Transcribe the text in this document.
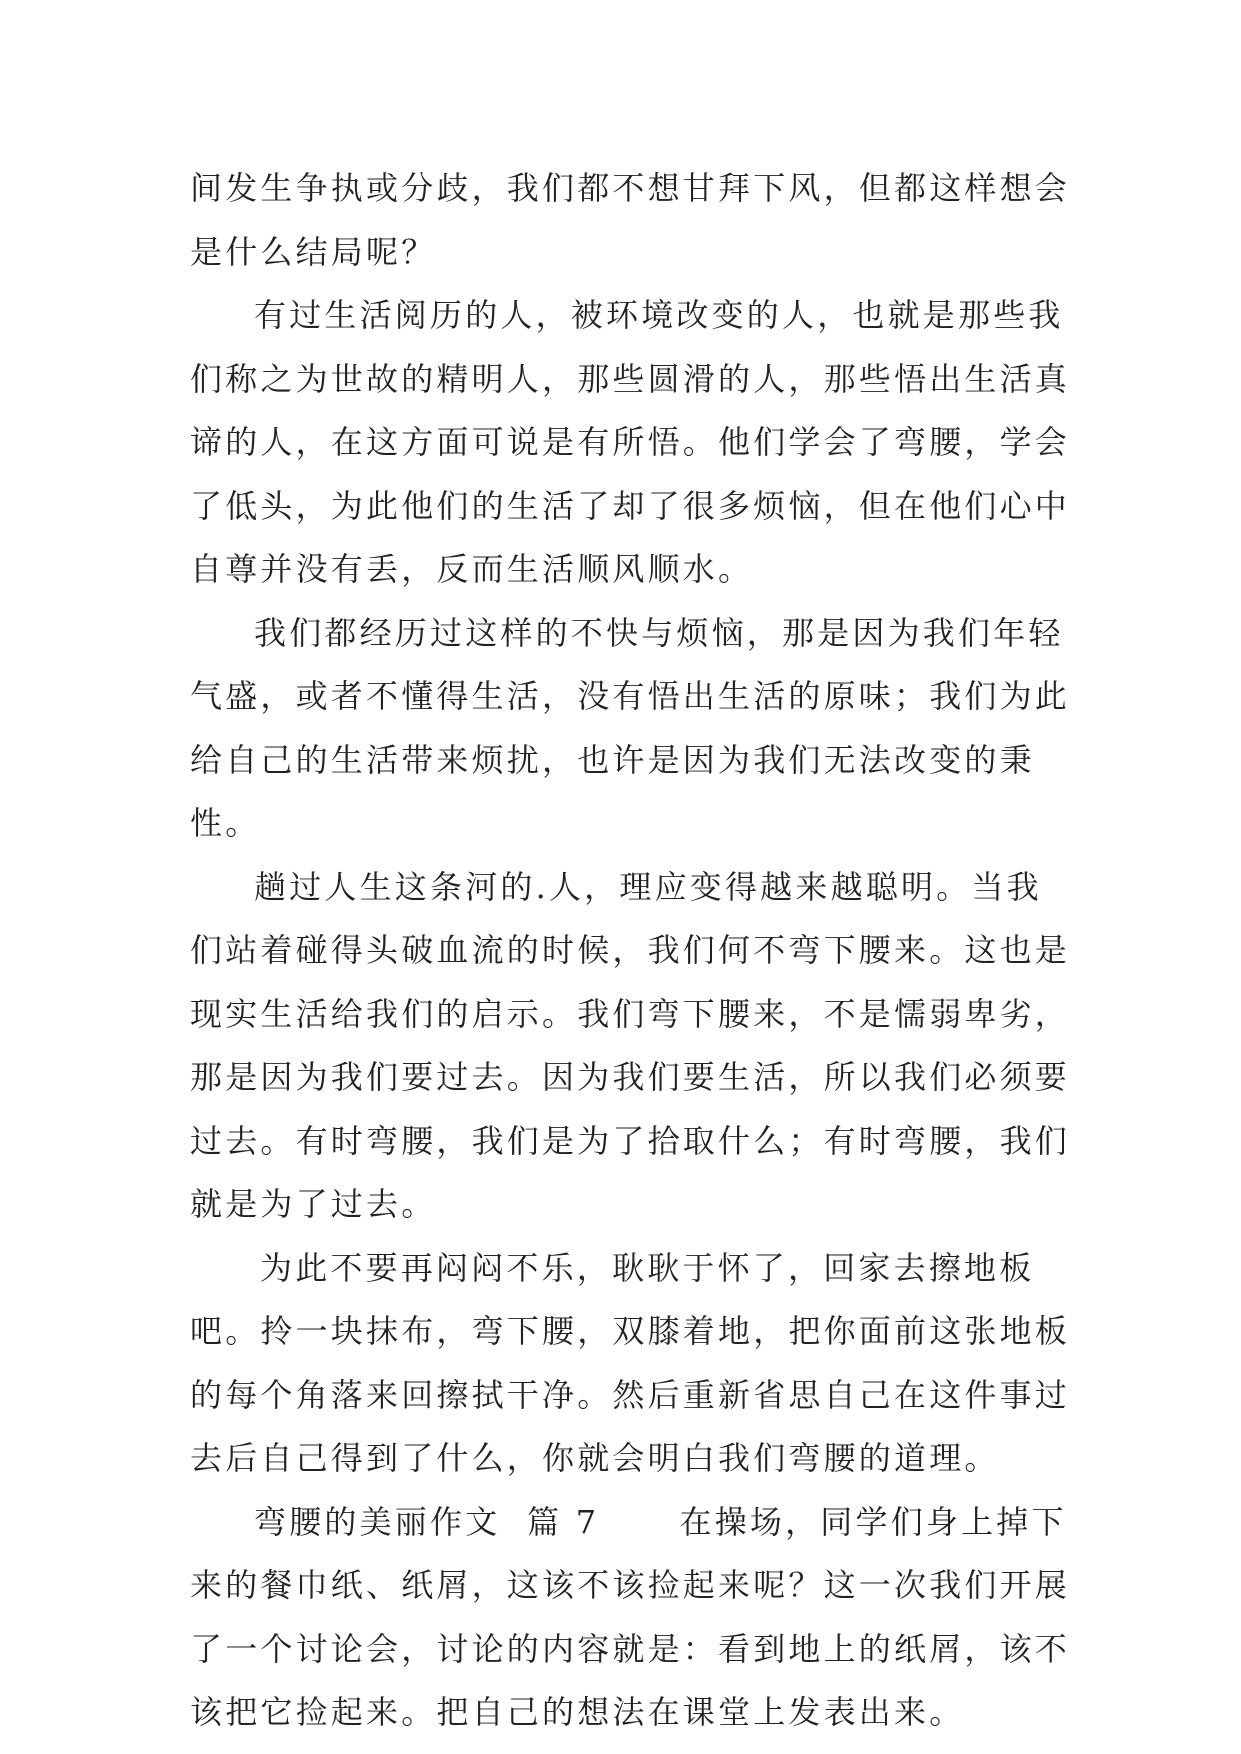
间发生争执或分歧，我们都不想甘拜下风，但都这样想会是什么结局呢？

有过生活阅历的人，被环境改变的人，也就是那些我们称之为世故的精明人，那些圆滑的人，那些悟出生活真谛的人，在这方面可说是有所悟。他们学会了弯腰，学会了低头，为此他们的生活了却了很多烦恼，但在他们心中自尊并没有丢，反而生活顺风顺水。

我们都经历过这样的不快与烦恼，那是因为我们年轻气盛，或者不懂得生活，没有悟出生活的原味；我们为此给自己的生活带来烦扰，也许是因为我们无法改变的秉性。

趟过人生这条河的.人，理应变得越来越聪明。当我们站着碰得头破血流的时候，我们何不弯下腰来。这也是现实生活给我们的启示。我们弯下腰来，不是懦弱卑劣，那是因为我们要过去。因为我们要生活，所以我们必须要过去。有时弯腰，我们是为了拾取什么；有时弯腰，我们就是为了过去。

为此不要再闷闷不乐，耿耿于怀了，回家去擦地板吧。拎一块抹布，弯下腰，双膝着地，把你面前这张地板的每个角落来回擦拭干净。然后重新省思自己在这件事过去后自己得到了什么，你就会明白我们弯腰的道理。

弯腰的美丽作文  篇 7      在操场，同学们身上掉下来的餐巾纸、纸屑，这该不该捡起来呢？这一次我们开展了一个讨论会，讨论的内容就是：看到地上的纸屑，该不该把它捡起来。把自己的想法在课堂上发表出来。
